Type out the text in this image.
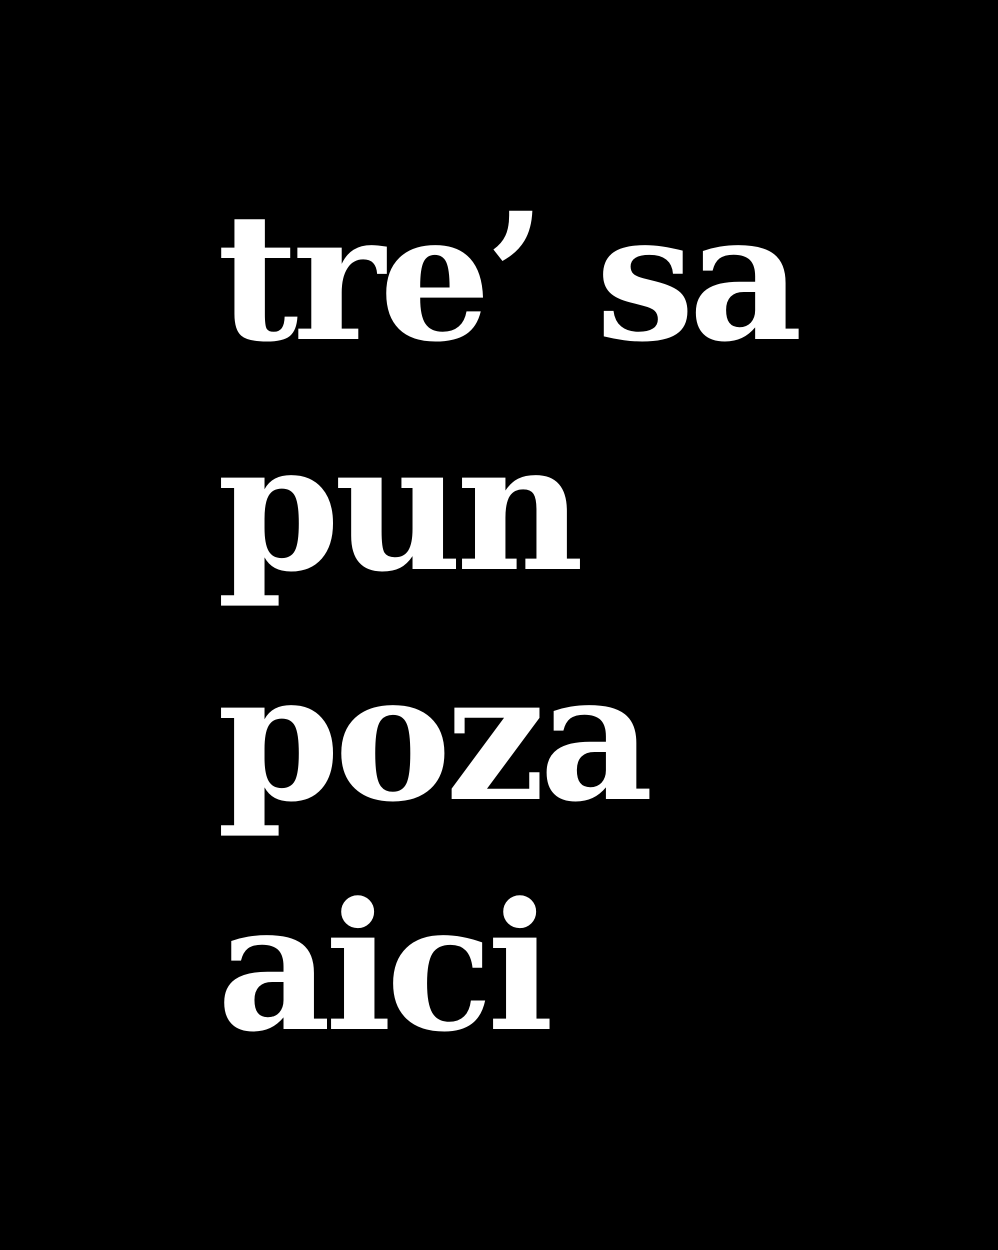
tre’ sa

pun

poza

aici
